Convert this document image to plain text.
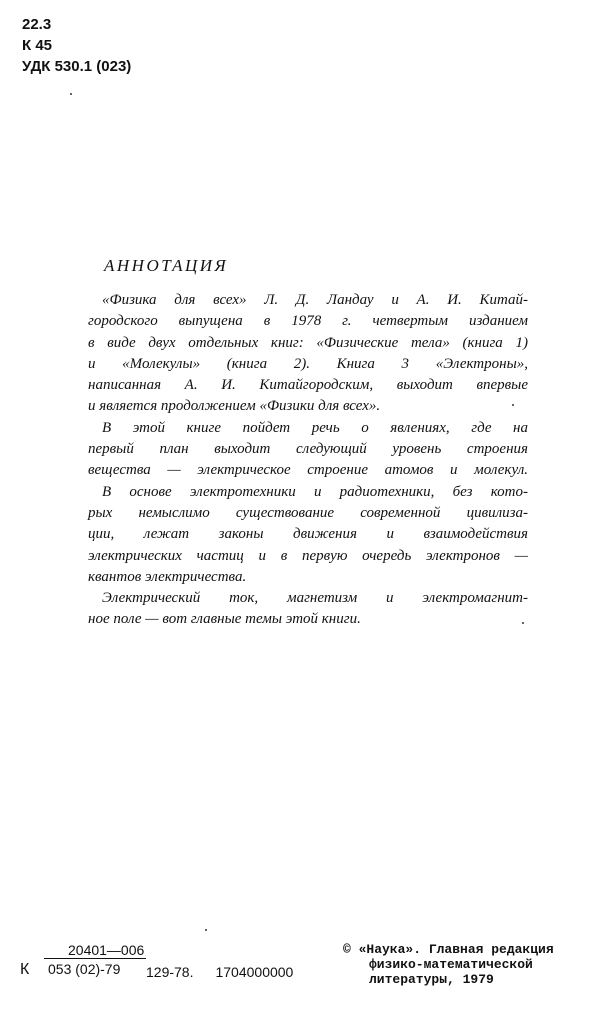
22.3
К 45
УДК 530.1 (023)
АННОТАЦИЯ
«Физика для всех» Л. Д. Ландау и А. И. Китай-
городского выпущена в 1978 г. четвертым изданием
в виде двух отдельных книг: «Физические тела» (книга 1)
и «Молекулы» (книга 2). Книга 3 «Электроны»,
написанная А. И. Китайгородским, выходит впервые
и является продолжением «Физики для всех».
В этой книге пойдет речь о явлениях, где на
первый план выходит следующий уровень строения
вещества — электрическое строение атомов и молекул.
В основе электротехники и радиотехники, без кото-
рых немыслимо существование современной цивилиза-
ции, лежат законы движения и взаимодействия
электрических частиц и в первую очередь электронов —
квантов электричества.
Электрический ток, магнетизм и электромагнит-
ное поле — вот главные темы этой книги.
К $\frac{20401—006}{053 (02)-79} 129-78$. 1704000000
© «Наука». Главная редакция
физико-математической
литературы, 1979
